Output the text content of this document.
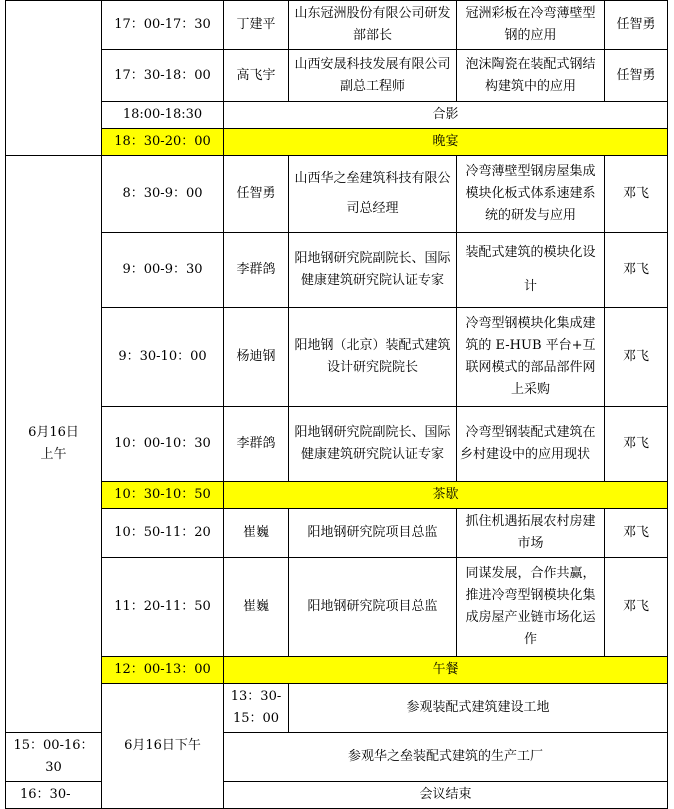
	17：00-17：30	丁建平	山东冠洲股份有限公司研发部部长	冠洲彩板在冷弯薄壁型钢的应用	任智勇
	17：30-18：00	高飞宇	山西安晟科技发展有限公司副总工程师	泡沫陶瓷在装配式钢结构建筑中的应用	任智勇
	18:00-18:30	合影			
	18：30-20：00	晚宴			
6月16日上午	8：30-9：00	任智勇	山西华之垒建筑科技有限公司总经理	冷弯薄壁型钢房屋集成模块化板式体系速建系统的研发与应用	邓飞
	9：00-9：30	李群鸽	阳地钢研究院副院长、国际健康建筑研究院认证专家	装配式建筑的模块化设计	邓飞
	9：30-10：00	杨迪钢	阳地钢（北京）装配式建筑设计研究院院长	冷弯型钢模块化集成建筑的 E-HUB 平台+互联网模式的部品部件网上采购	邓飞
	10：00-10：30	李群鸽	阳地钢研究院副院长、国际健康建筑研究院认证专家	冷弯型钢装配式建筑在乡村建设中的应用现状	邓飞
	10：30-10：50	茶歇			
	10：50-11：20	崔巍	阳地钢研究院项目总监	抓住机遇拓展农村房建市场	邓飞
	11：20-11：50	崔巍	阳地钢研究院项目总监	同谋发展，合作共赢，推进冷弯型钢模块化集成房屋产业链市场化运作	邓飞
	12：00-13：00	午餐			
	6月16日下午	13：30-15：00	参观装配式建筑建设工地		
15：00-16：30		参观华之垒装配式建筑的生产工厂			
16：30-		会议结束			
